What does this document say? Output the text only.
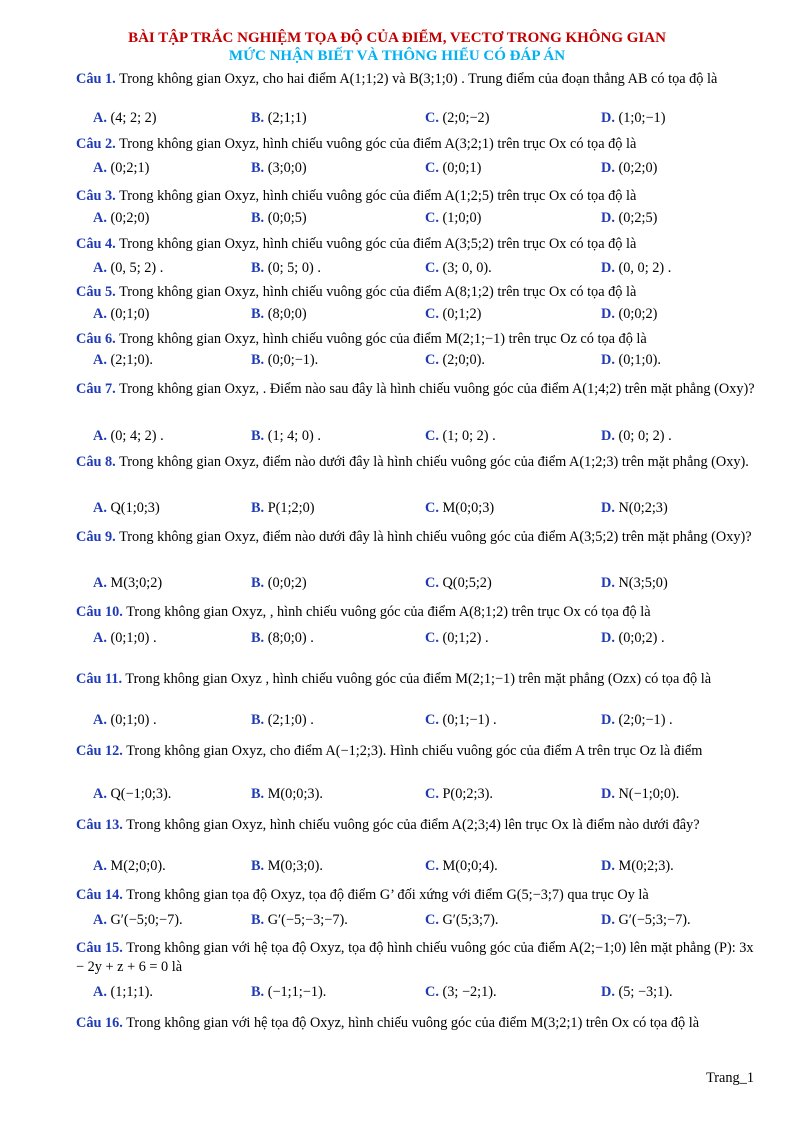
BÀI TẬP TRẮC NGHIỆM TỌA ĐỘ CỦA ĐIỂM, VECTƠ TRONG KHÔNG GIAN
MỨC NHẬN BIẾT VÀ THÔNG HIỂU CÓ ĐÁP ÁN
Câu 1. Trong không gian Oxyz, cho hai điểm A(1;1;2) và B(3;1;0) . Trung điểm của đoạn thẳng AB có tọa độ là
A. (4; 2; 2)	B. (2;1;1)	C. (2;0;−2)	D. (1;0;−1)
Câu 2. Trong không gian Oxyz, hình chiếu vuông góc của điểm A(3;2;1) trên trục Ox có tọa độ là
A. (0;2;1)	B. (3;0;0)	C. (0;0;1)	D. (0;2;0)
Câu 3. Trong không gian Oxyz, hình chiếu vuông góc của điểm A(1;2;5) trên trục Ox có tọa độ là
A. (0;2;0)	B. (0;0;5)	C. (1;0;0)	D. (0;2;5)
Câu 4. Trong không gian Oxyz, hình chiếu vuông góc của điểm A(3;5;2) trên trục Ox có tọa độ là
A. (0, 5; 2) .	B. (0; 5; 0) .	C. (3; 0, 0).	D. (0, 0; 2) .
Câu 5. Trong không gian Oxyz, hình chiếu vuông góc của điểm A(8;1;2) trên trục Ox có tọa độ là
A. (0;1;0)	B. (8;0;0)	C. (0;1;2)	D. (0;0;2)
Câu 6. Trong không gian Oxyz, hình chiếu vuông góc của điểm M(2;1;−1) trên trục Oz có tọa độ là
A. (2;1;0).	B. (0;0;−1).	C. (2;0;0).	D. (0;1;0).
Câu 7. Trong không gian Oxyz, . Điểm nào sau đây là hình chiếu vuông góc của điểm A(1;4;2) trên mặt phẳng (Oxy)?
A. (0; 4; 2) .	B. (1; 4; 0) .	C. (1; 0; 2) .	D. (0; 0; 2) .
Câu 8. Trong không gian Oxyz, điểm nào dưới đây là hình chiếu vuông góc của điểm A(1;2;3) trên mặt phẳng (Oxy).
A. Q(1;0;3)	B. P(1;2;0)	C. M(0;0;3)	D. N(0;2;3)
Câu 9. Trong không gian Oxyz, điểm nào dưới đây là hình chiếu vuông góc của điểm A(3;5;2) trên mặt phẳng (Oxy)?
A. M(3;0;2)	B. (0;0;2)	C. Q(0;5;2)	D. N(3;5;0)
Câu 10. Trong không gian Oxyz, , hình chiếu vuông góc của điểm A(8;1;2) trên trục Ox có tọa độ là
A. (0;1;0) .	B. (8;0;0) .	C. (0;1;2) .	D. (0;0;2) .
Câu 11. Trong không gian Oxyz , hình chiếu vuông góc của điểm M(2;1;−1) trên mặt phẳng (Ozx) có tọa độ là
A. (0;1;0) .	B. (2;1;0) .	C. (0;1;−1) .	D. (2;0;−1) .
Câu 12. Trong không gian Oxyz, cho điểm A(−1;2;3). Hình chiếu vuông góc của điểm A trên trục Oz là điểm
A. Q(−1;0;3).	B. M(0;0;3).	C. P(0;2;3).	D. N(−1;0;0).
Câu 13. Trong không gian Oxyz, hình chiếu vuông góc của điểm A(2;3;4) lên trục Ox là điểm nào dưới đây?
A. M(2;0;0).	B. M(0;3;0).	C. M(0;0;4).	D. M(0;2;3).
Câu 14. Trong không gian tọa độ Oxyz, tọa độ điểm G’ đối xứng với điểm G(5;−3;7) qua trục Oy là
A. G′(−5;0;−7).	B. G′(−5;−3;−7).	C. G′(5;3;7).	D. G′(−5;3;−7).
Câu 15. Trong không gian với hệ tọa độ Oxyz, tọa độ hình chiếu vuông góc của điểm A(2;−1;0) lên mặt phẳng (P): 3x − 2y + z + 6 = 0 là
A. (1;1;1).	B. (−1;1;−1).	C. (3; −2;1).	D. (5; −3;1).
Câu 16. Trong không gian với hệ tọa độ Oxyz, hình chiếu vuông góc của điểm M(3;2;1) trên Ox có tọa độ là
Trang_1
